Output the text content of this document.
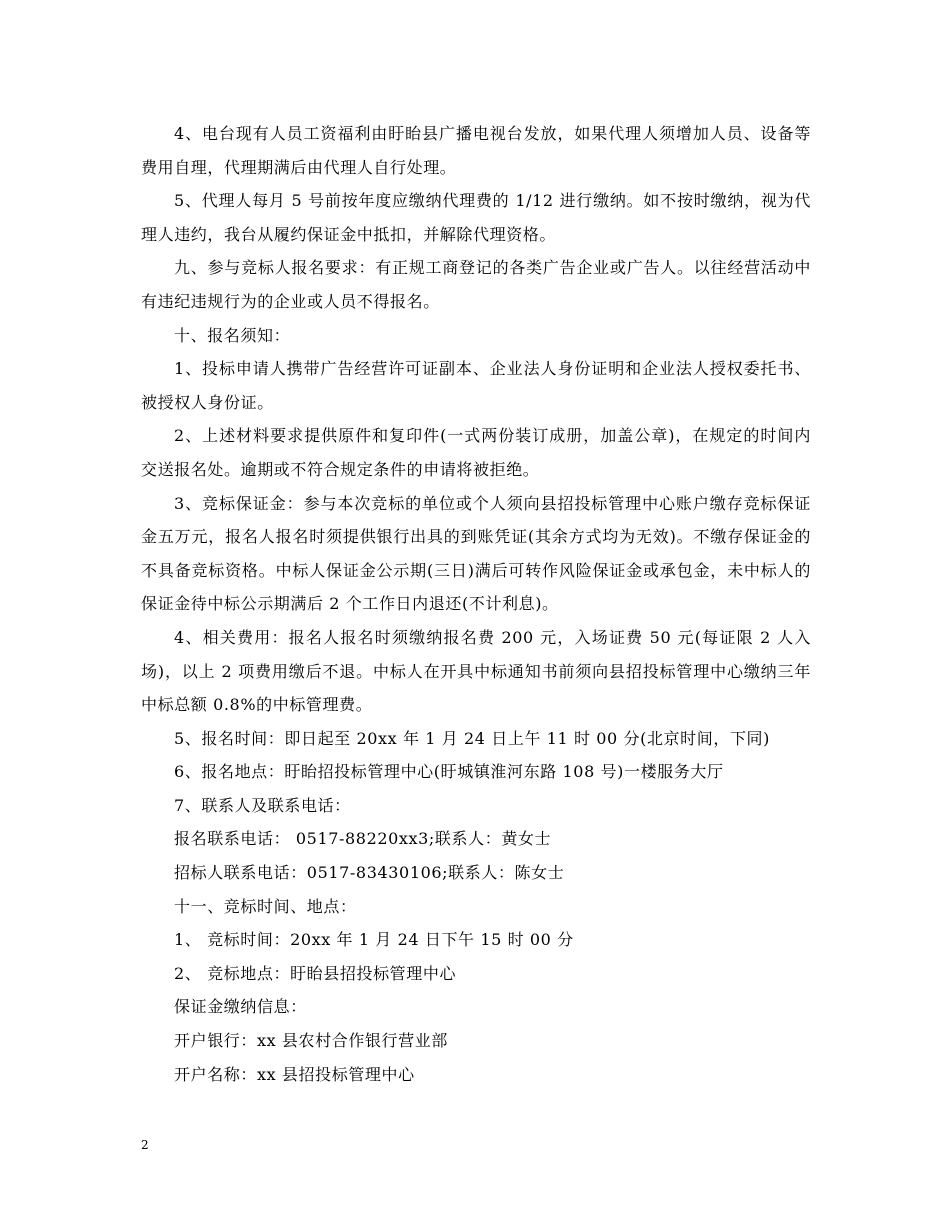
4、电台现有人员工资福利由盱眙县广播电视台发放，如果代理人须增加人员、设备等费用自理，代理期满后由代理人自行处理。

5、代理人每月 5 号前按年度应缴纳代理费的 1/12 进行缴纳。如不按时缴纳，视为代理人违约，我台从履约保证金中抵扣，并解除代理资格。

九、参与竞标人报名要求：有正规工商登记的各类广告企业或广告人。以往经营活动中有违纪违规行为的企业或人员不得报名。

十、报名须知：

1、投标申请人携带广告经营许可证副本、企业法人身份证明和企业法人授权委托书、被授权人身份证。

2、上述材料要求提供原件和复印件(一式两份装订成册，加盖公章)，在规定的时间内交送报名处。逾期或不符合规定条件的申请将被拒绝。

3、竞标保证金：参与本次竞标的单位或个人须向县招投标管理中心账户缴存竞标保证金五万元，报名人报名时须提供银行出具的到账凭证(其余方式均为无效)。不缴存保证金的不具备竞标资格。中标人保证金公示期(三日)满后可转作风险保证金或承包金，未中标人的保证金待中标公示期满后 2 个工作日内退还(不计利息)。

4、相关费用：报名人报名时须缴纳报名费 200 元，入场证费 50 元(每证限 2 人入场)，以上 2 项费用缴后不退。中标人在开具中标通知书前须向县招投标管理中心缴纳三年中标总额 0.8%的中标管理费。

5、报名时间：即日起至 20xx 年 1 月 24 日上午 11 时 00 分(北京时间，下同)

6、报名地点：盱眙招投标管理中心(盱城镇淮河东路 108 号)一楼服务大厅

7、联系人及联系电话：

报名联系电话： 0517-88220xx3;联系人：黄女士

招标人联系电话：0517-83430106;联系人：陈女士

十一、竞标时间、地点：

1、 竞标时间：20xx 年 1 月 24 日下午 15 时 00 分

2、 竞标地点：盱眙县招投标管理中心

保证金缴纳信息：

开户银行：xx 县农村合作银行营业部

开户名称：xx 县招投标管理中心

2
